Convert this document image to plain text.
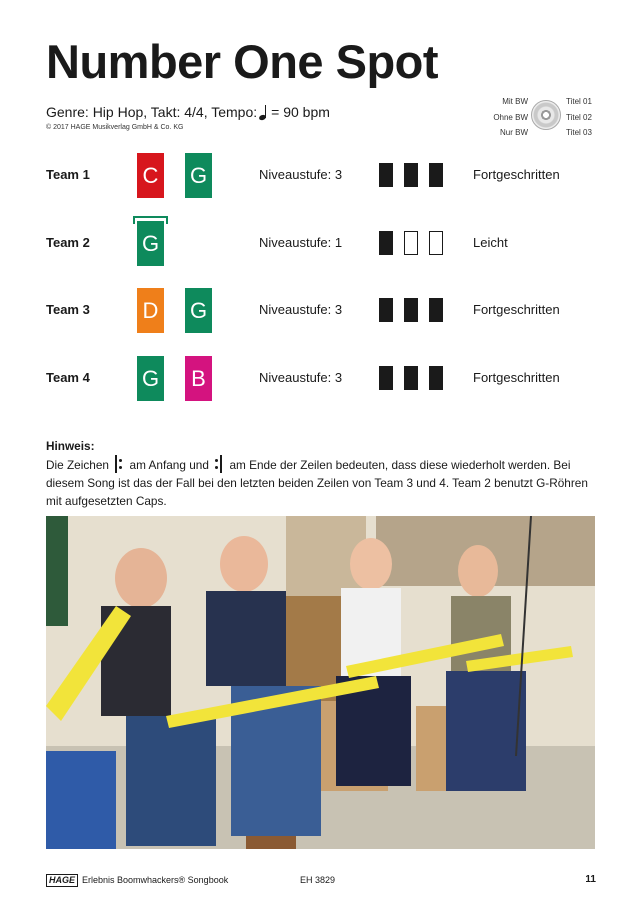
Number One Spot
Genre: Hip Hop, Takt: 4/4, Tempo: = 90 bpm
© 2017 HAGE Musikverlag GmbH & Co. KG
Mit BW
Ohne BW
Nur BW
Titel 01
Titel 02
Titel 03
Team 1 C G	Niveaustufe: 3	Fortgeschritten
Team 2 G	Niveaustufe: 1	Leicht
Team 3 D G	Niveaustufe: 3	Fortgeschritten
Team 4 G B	Niveaustufe: 3	Fortgeschritten
Hinweis:
Die Zeichen am Anfang und am Ende der Zeilen bedeuten, dass diese wiederholt werden. Bei diesem Song ist das der Fall bei den letzten beiden Zeilen von Team 3 und 4. Team 2 benutzt G-Röhren mit aufgesetzten Caps.
HAGE Erlebnis Boomwhackers® Songbook	EH 3829	11
